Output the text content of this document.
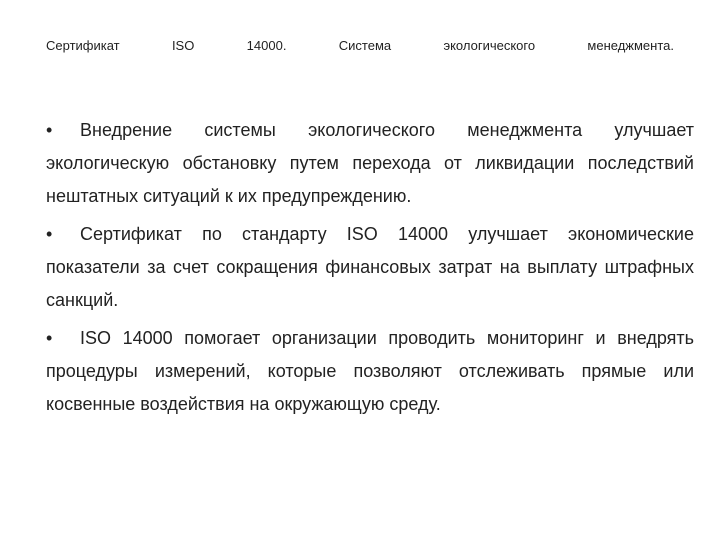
Сертификат	ISO	14000.	Система	экологического	менеджмента.

• Внедрение системы экологического менеджмента улучшает экологическую обстановку путем перехода от ликвидации последствий нештатных ситуаций к их предупреждению.

• Сертификат по стандарту ISO 14000 улучшает экономические показатели за счет сокращения финансовых затрат на выплату штрафных санкций.

• ISO 14000 помогает организации проводить мониторинг и внедрять процедуры измерений, которые позволяют отслеживать прямые или косвенные воздействия на окружающую среду.
